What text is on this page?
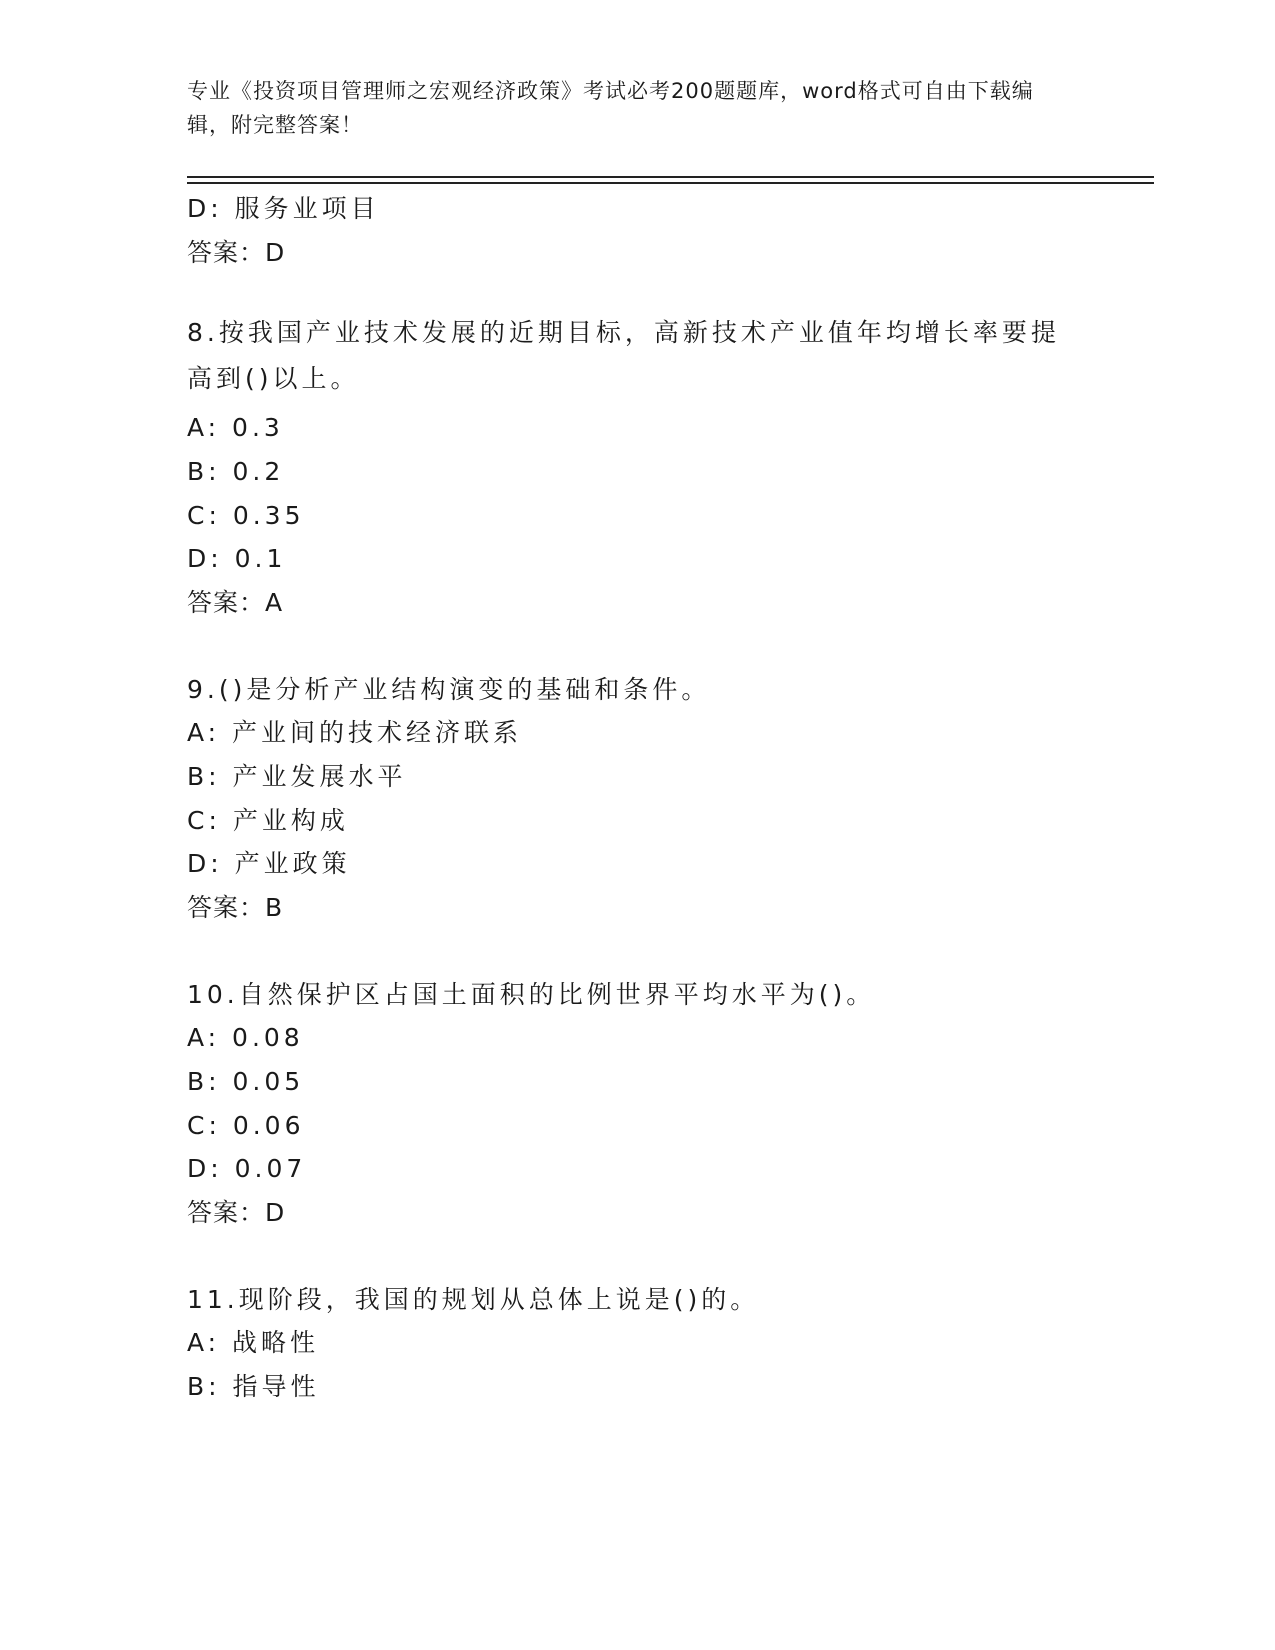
专业《投资项目管理师之宏观经济政策》考试必考200题题库，word格式可自由下载编辑，附完整答案！
D: 服务业项目
答案：D
8.按我国产业技术发展的近期目标，高新技术产业值年均增长率要提高到()以上。
A: 0.3
B: 0.2
C: 0.35
D: 0.1
答案：A
9.()是分析产业结构演变的基础和条件。
A: 产业间的技术经济联系
B: 产业发展水平
C: 产业构成
D: 产业政策
答案：B
10.自然保护区占国土面积的比例世界平均水平为()。
A: 0.08
B: 0.05
C: 0.06
D: 0.07
答案：D
11.现阶段，我国的规划从总体上说是()的。
A: 战略性
B: 指导性
